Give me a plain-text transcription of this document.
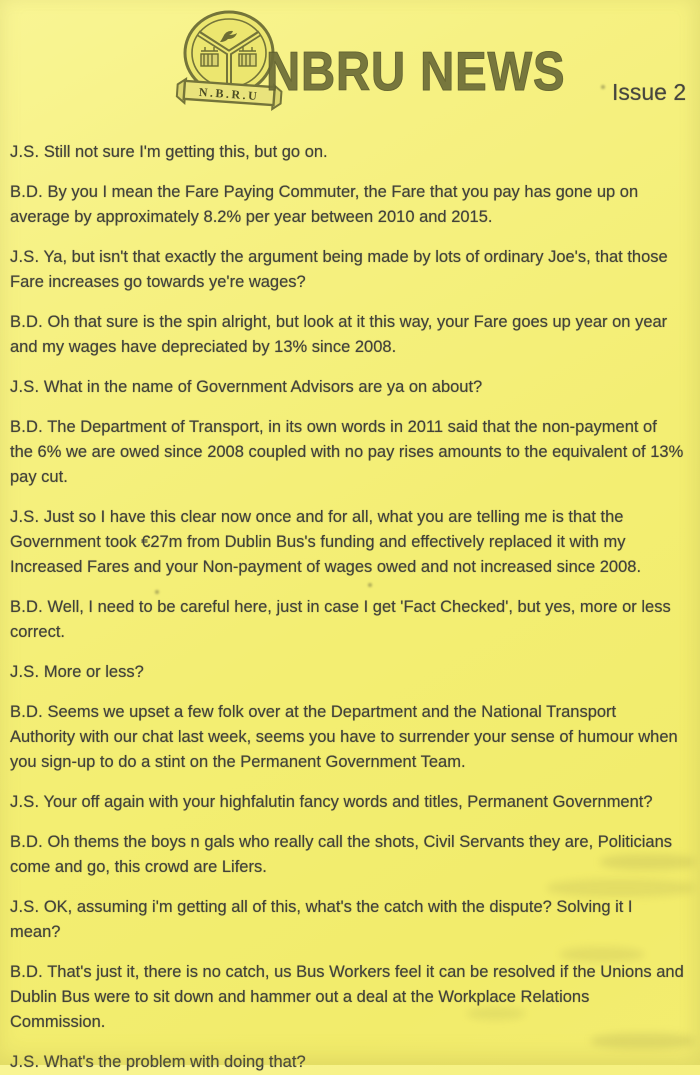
N.B.R.U NBRU NEWS Issue 2

J.S. Still not sure I'm getting this, but go on.

B.D. By you I mean the Fare Paying Commuter, the Fare that you pay has gone up on average by approximately 8.2% per year between 2010 and 2015.

J.S. Ya, but isn't that exactly the argument being made by lots of ordinary Joe's, that those Fare increases go towards ye're wages?

B.D. Oh that sure is the spin alright, but look at it this way, your Fare goes up year on year and my wages have depreciated by 13% since 2008.

J.S. What in the name of Government Advisors are ya on about?

B.D. The Department of Transport, in its own words in 2011 said that the non-payment of the 6% we are owed since 2008 coupled with no pay rises amounts to the equivalent of 13% pay cut.

J.S. Just so I have this clear now once and for all, what you are telling me is that the Government took €27m from Dublin Bus's funding and effectively replaced it with my Increased Fares and your Non-payment of wages owed and not increased since 2008.

B.D. Well, I need to be careful here, just in case I get 'Fact Checked', but yes, more or less correct.

J.S. More or less?

B.D. Seems we upset a few folk over at the Department and the National Transport Authority with our chat last week, seems you have to surrender your sense of humour when you sign-up to do a stint on the Permanent Government Team.

J.S. Your off again with your highfalutin fancy words and titles, Permanent Government?

B.D. Oh thems the boys n gals who really call the shots, Civil Servants they are, Politicians come and go, this crowd are Lifers.

J.S. OK, assuming i'm getting all of this, what's the catch with the dispute? Solving it I mean?

B.D. That's just it, there is no catch, us Bus Workers feel it can be resolved if the Unions and Dublin Bus were to sit down and hammer out a deal at the Workplace Relations Commission.

J.S. What's the problem with doing that?
